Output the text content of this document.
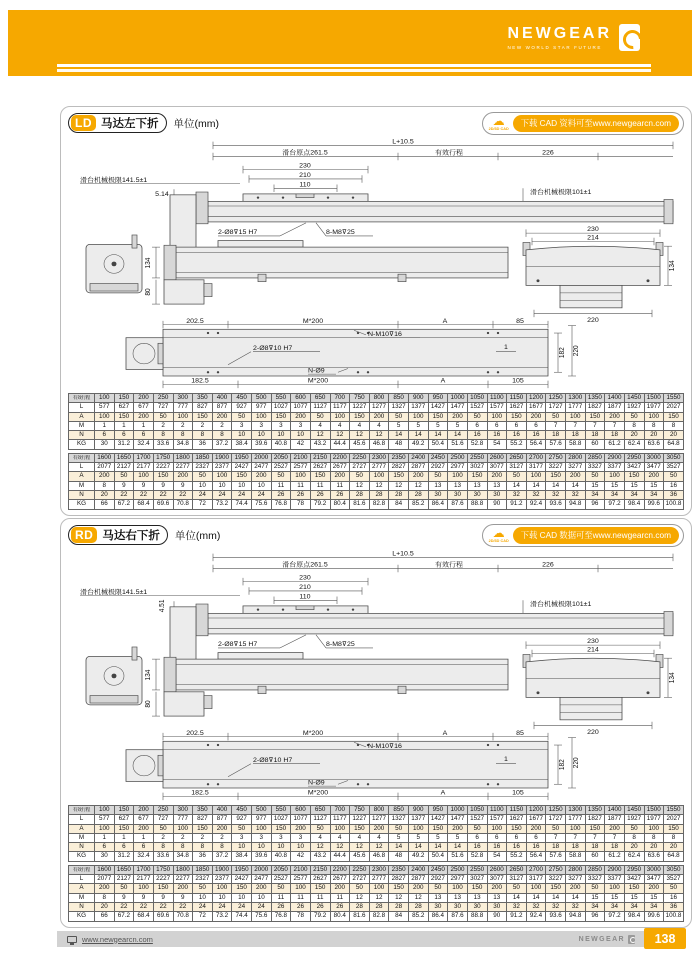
NEWGEAR
NEW WORLD STAR FUTURE
LD 马达左下折 单位(mm)	☁
2D/3D CAD
下载 CAD 资料可至www.newgearcn.com
L+10.5
滑台原点261.5	有效行程	226
230
210
110
滑台机械极限141.5±1
滑台机械极限101±1
5.14
2-Ø8⊽15 H7	8-M8⊽25
134
80
230
214
134
220
202.5	M*200	A	85
N-M10⊽16
2-Ø8⊽10 H7	1
N-Ø9
182 220
182.5	M*200	A	105
有效行程	100	150	200	250	300	350	400	450	500	550	600	650	700	750	800	850	900	950	1000	1050	1100	1150	1200	1250	1300	1350	1400	1450	1500	1550
L	577	627	677	727	777	827	877	927	977	1027	1077	1127	1177	1227	1277	1327	1377	1427	1477	1527	1577	1627	1677	1727	1777	1827	1877	1927	1977	2027
A	100	150	200	50	100	150	200	50	100	150	200	50	100	150	200	50	100	150	200	50	100	150	200	50	100	150	200	50	100	150
M	1	1	1	2	2	2	2	3	3	3	3	4	4	4	4	5	5	5	5	6	6	6	6	7	7	7	7	8	8	8
N	6	6	6	8	8	8	8	10	10	10	10	12	12	12	12	14	14	14	14	16	16	16	16	18	18	18	18	20	20	20
KG	30	31.2	32.4	33.6	34.8	36	37.2	38.4	39.6	40.8	42	43.2	44.4	45.6	46.8	48	49.2	50.4	51.6	52.8	54	55.2	56.4	57.6	58.8	60	61.2	62.4	63.6	64.8
有效行程	1600	1650	1700	1750	1800	1850	1900	1950	2000	2050	2100	2150	2200	2250	2300	2350	2400	2450	2500	2550	2600	2650	2700	2750	2800	2850	2900	2950	3000	3050
L	2077	2127	2177	2227	2277	2327	2377	2427	2477	2527	2577	2627	2677	2727	2777	2827	2877	2927	2977	3027	3077	3127	3177	3227	3277	3327	3377	3427	3477	3527
A	200	50	100	150	200	50	100	150	200	50	100	150	200	50	100	150	200	50	100	150	200	50	100	150	200	50	100	150	200	50
M	8	9	9	9	9	10	10	10	10	11	11	11	11	12	12	12	12	13	13	13	13	14	14	14	14	15	15	15	15	16
N	20	22	22	22	22	24	24	24	24	26	26	26	26	28	28	28	28	30	30	30	30	32	32	32	32	34	34	34	34	36
KG	66	67.2	68.4	69.6	70.8	72	73.2	74.4	75.6	76.8	78	79.2	80.4	81.6	82.8	84	85.2	86.4	87.6	88.8	90	91.2	92.4	93.6	94.8	96	97.2	98.4	99.6	100.8
RD 马达右下折 单位(mm)	☁
2D/3D CAD
下载 CAD 数据可至www.newgearcn.com
L+10.5
滑台原点261.5	有效行程	226
230
210
110
滑台机械极限141.5±1
滑台机械极限101±1
4.51
2-Ø8⊽15 H7	8-M8⊽25
134
80
230
214
134
220
202.5	M*200	A	85
N-M10⊽16
2-Ø8⊽10 H7	1
N-Ø9
182 220
182.5	M*200	A	105
有效行程	100	150	200	250	300	350	400	450	500	550	600	650	700	750	800	850	900	950	1000	1050	1100	1150	1200	1250	1300	1350	1400	1450	1500	1550
L	577	627	677	727	777	827	877	927	977	1027	1077	1127	1177	1227	1277	1327	1377	1427	1477	1527	1577	1627	1677	1727	1777	1827	1877	1927	1977	2027
A	100	150	200	50	100	150	200	50	100	150	200	50	100	150	200	50	100	150	200	50	100	150	200	50	100	150	200	50	100	150
M	1	1	1	2	2	2	2	3	3	3	3	4	4	4	4	5	5	5	5	6	6	6	6	7	7	7	7	8	8	8
N	6	6	6	8	8	8	8	10	10	10	10	12	12	12	12	14	14	14	14	16	16	16	16	18	18	18	18	20	20	20
KG	30	31.2	32.4	33.6	34.8	36	37.2	38.4	39.6	40.8	42	43.2	44.4	45.6	46.8	48	49.2	50.4	51.6	52.8	54	55.2	56.4	57.6	58.8	60	61.2	62.4	63.6	64.8
有效行程	1600	1650	1700	1750	1800	1850	1900	1950	2000	2050	2100	2150	2200	2250	2300	2350	2400	2450	2500	2550	2600	2650	2700	2750	2800	2850	2900	2950	3000	3050
L	2077	2127	2177	2227	2277	2327	2377	2427	2477	2527	2577	2627	2677	2727	2777	2827	2877	2927	2977	3027	3077	3127	3177	3227	3277	3327	3377	3427	3477	3527
A	200	50	100	150	200	50	100	150	200	50	100	150	200	50	100	150	200	50	100	150	200	50	100	150	200	50	100	150	200	50
M	8	9	9	9	9	10	10	10	10	11	11	11	11	12	12	12	12	13	13	13	13	14	14	14	14	15	15	15	15	16
N	20	22	22	22	22	24	24	24	24	26	26	26	26	28	28	28	28	30	30	30	30	32	32	32	32	34	34	34	34	36
KG	66	67.2	68.4	69.6	70.8	72	73.2	74.4	75.6	76.8	78	79.2	80.4	81.6	82.8	84	85.2	86.4	87.6	88.8	90	91.2	92.4	93.6	94.8	96	97.2	98.4	99.6	100.8
www.newgearcn.com	NEWGEAR	138
